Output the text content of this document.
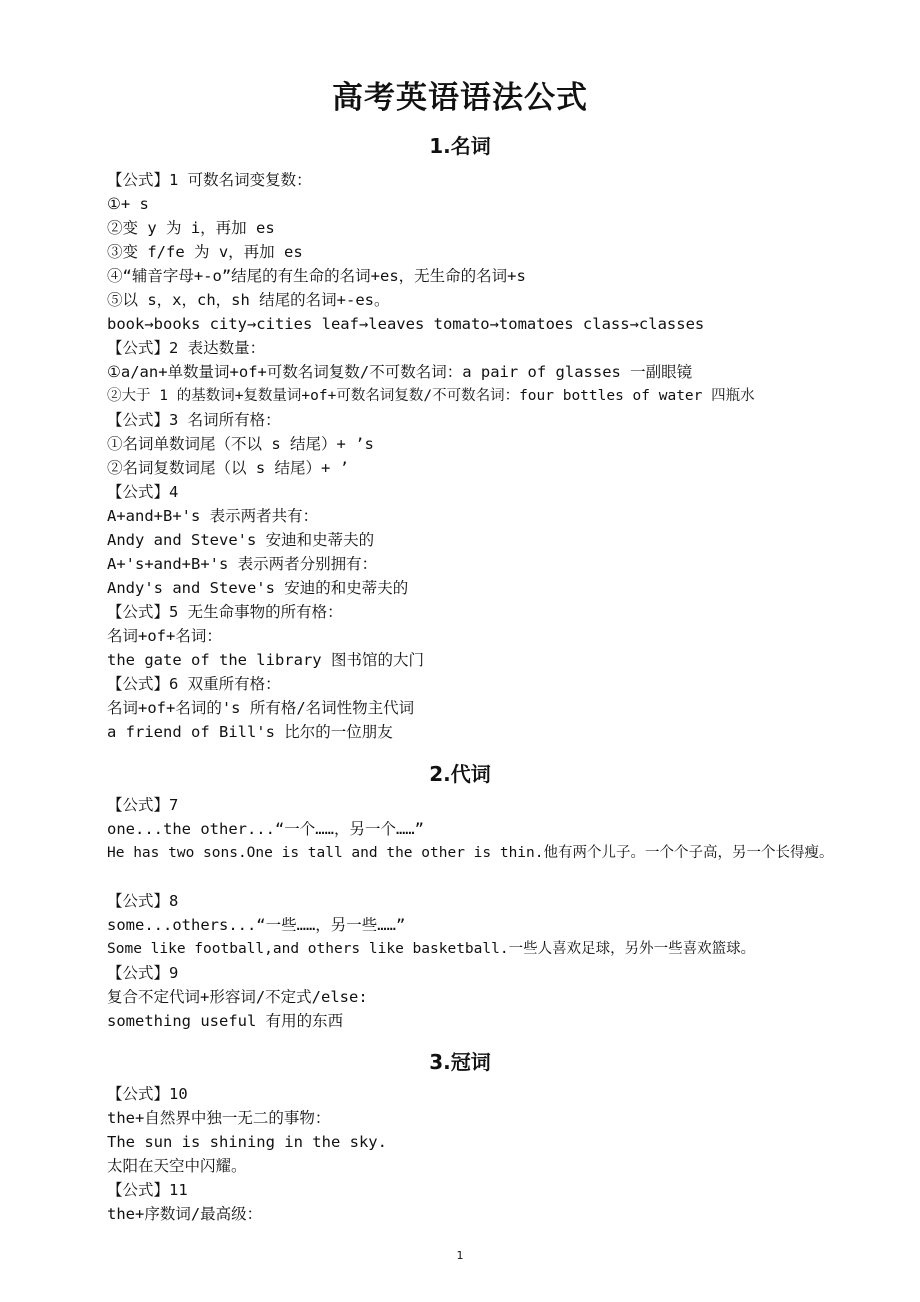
高考英语语法公式
1.名词
【公式】1 可数名词变复数：
①+ s
②变 y 为 i，再加 es
③变 f/fe 为 v，再加 es
④“辅音字母+-o”结尾的有生命的名词+es，无生命的名词+s
⑤以 s，x，ch，sh 结尾的名词+-es。
book→books city→cities leaf→leaves tomato→tomatoes class→classes
【公式】2 表达数量：
①a/an+单数量词+of+可数名词复数/不可数名词：a pair of glasses 一副眼镜
②大于 1 的基数词+复数量词+of+可数名词复数/不可数名词：four bottles of water 四瓶水
【公式】3 名词所有格：
①名词单数词尾（不以 s 结尾）+ ’s
②名词复数词尾（以 s 结尾）+ ’
【公式】4
A+and+B+'s 表示两者共有：
Andy and Steve's 安迪和史蒂夫的
A+'s+and+B+'s 表示两者分别拥有：
Andy's and Steve's 安迪的和史蒂夫的
【公式】5 无生命事物的所有格：
名词+of+名词：
the gate of the library 图书馆的大门
【公式】6 双重所有格：
名词+of+名词的's 所有格/名词性物主代词
a friend of Bill's 比尔的一位朋友
2.代词
【公式】7
one...the other...“一个……，另一个……”
He has two sons.One is tall and the other is thin.他有两个儿子。一个个子高，另一个长得瘦。
【公式】8
some...others...“一些……，另一些……”
Some like football,and others like basketball.一些人喜欢足球，另外一些喜欢篮球。
【公式】9
复合不定代词+形容词/不定式/else:
something useful 有用的东西
3.冠词
【公式】10
the+自然界中独一无二的事物：
The sun is shining in the sky.
太阳在天空中闪耀。
【公式】11
the+序数词/最高级：
1
